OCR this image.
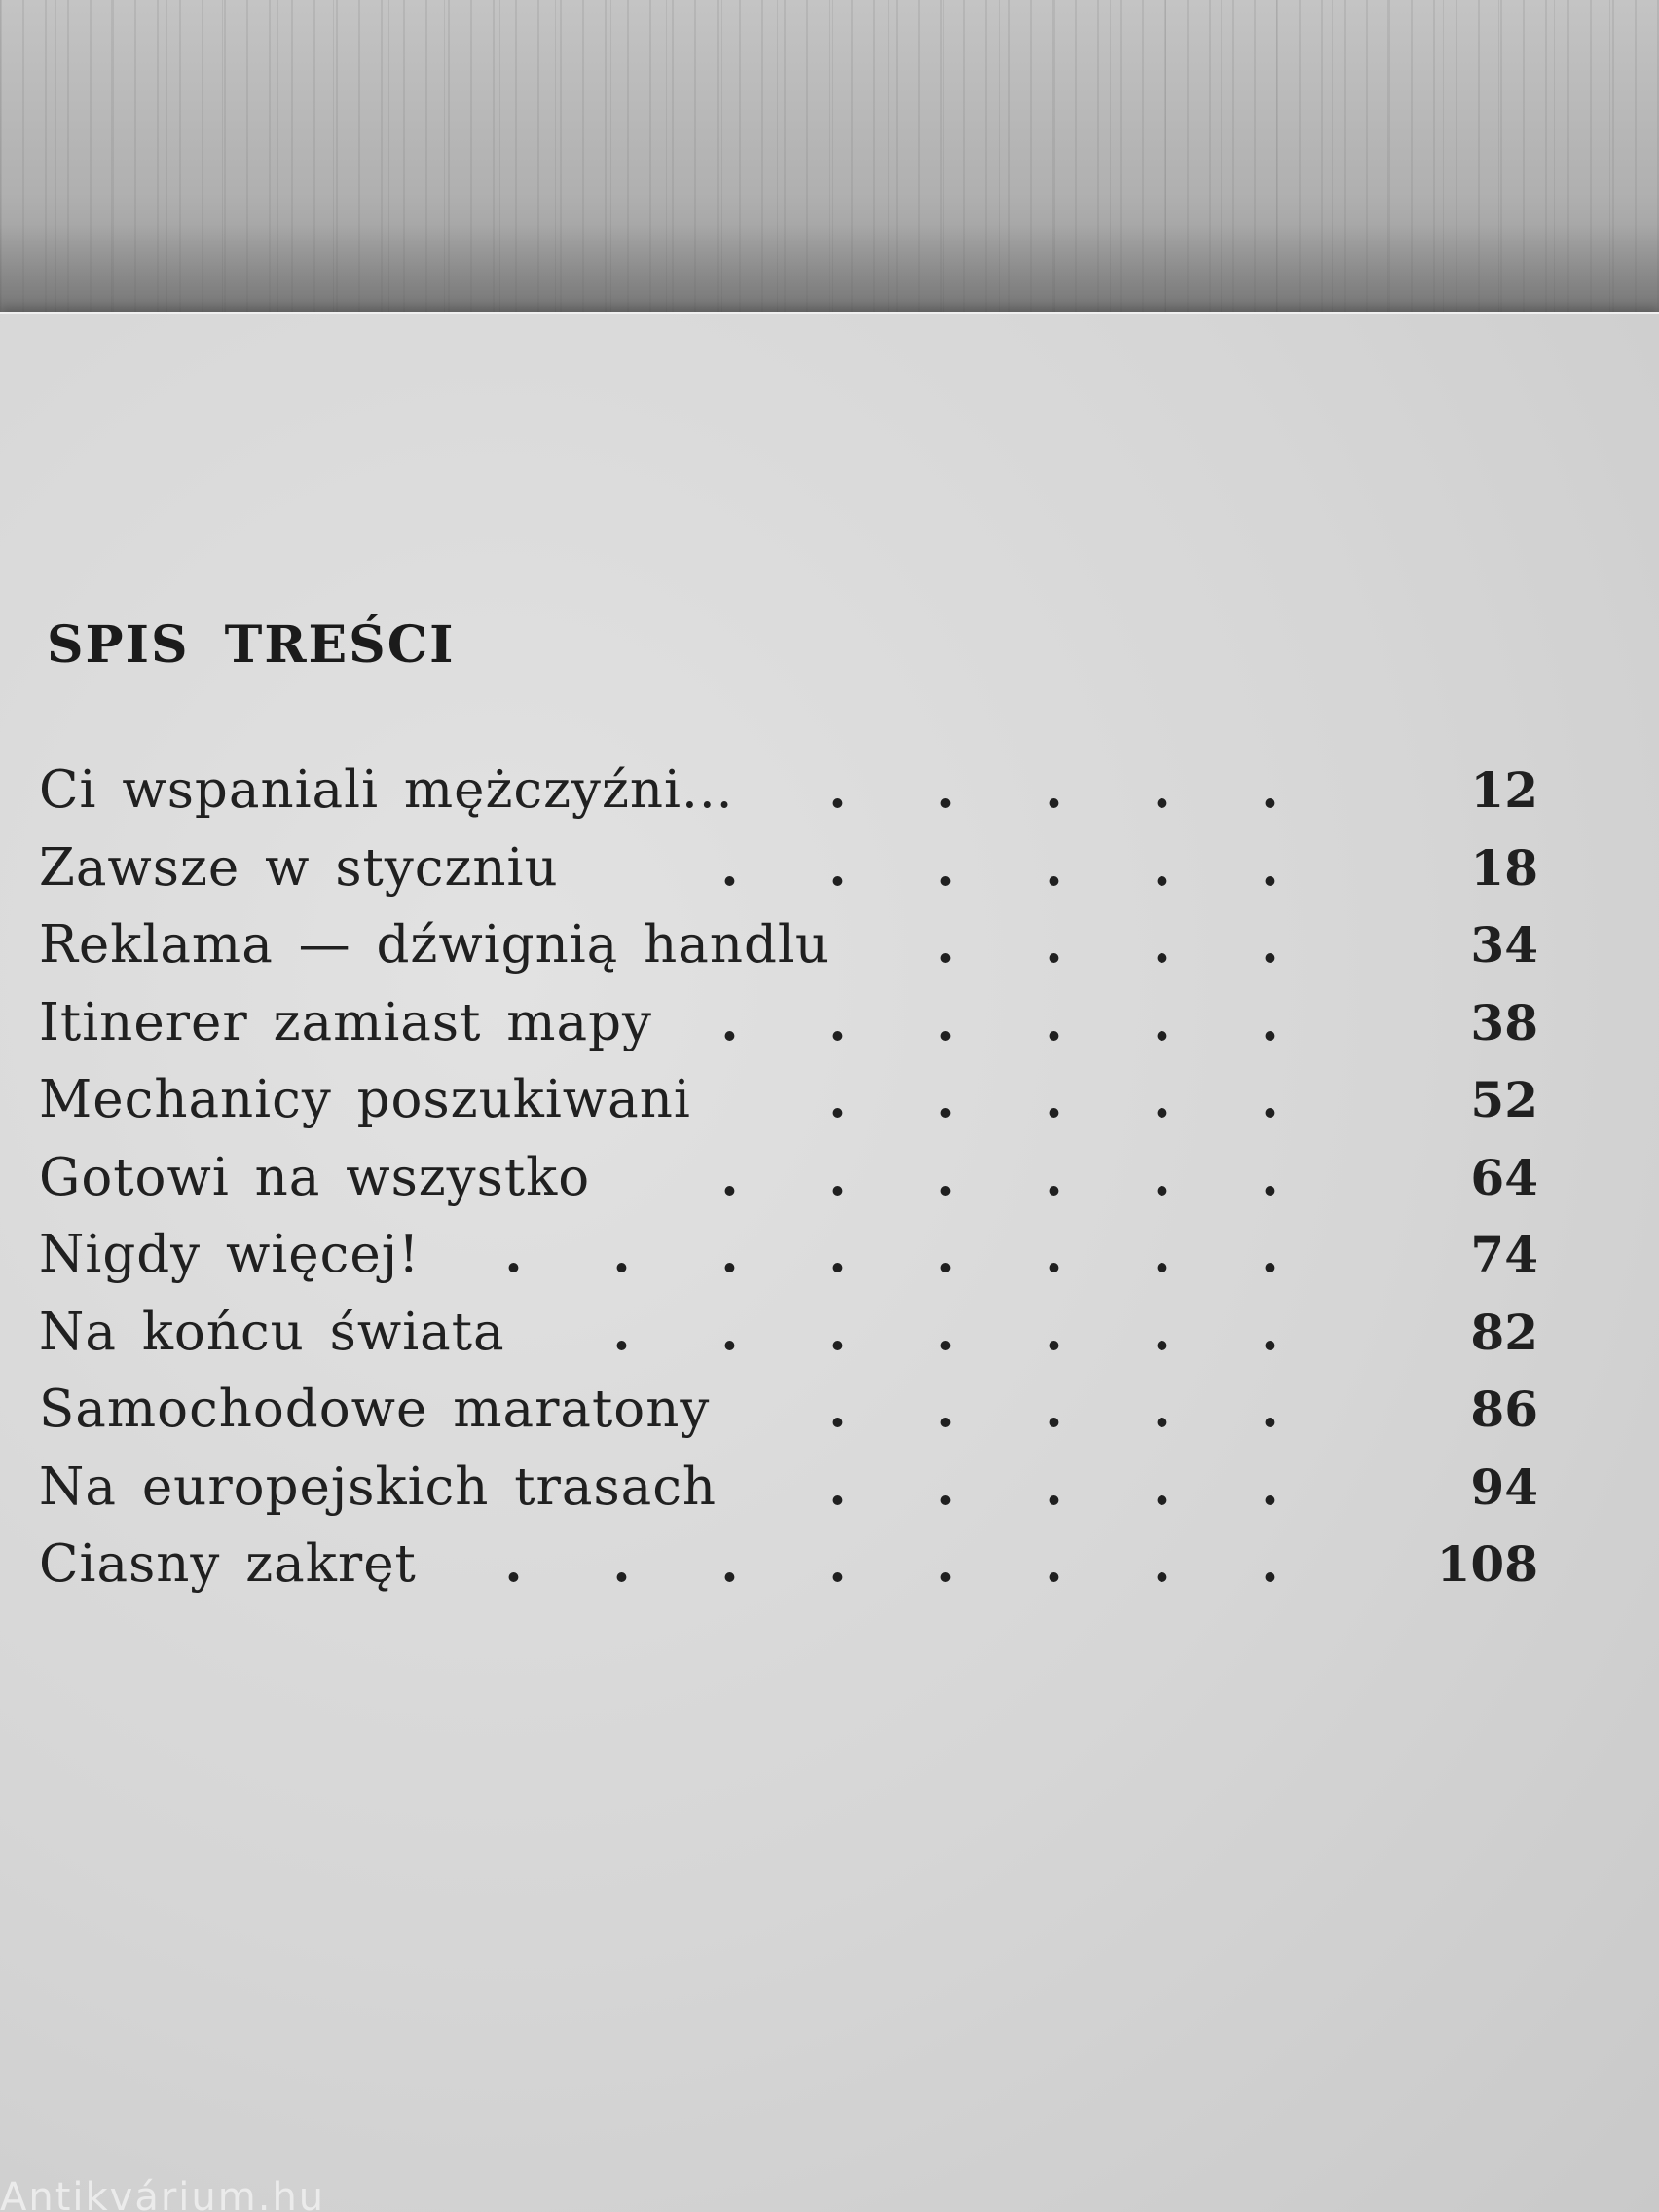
SPIS TREŚCI
Ci wspaniali mężczyźni...	. . . . .	12
Zawsze w styczniu	. . . . . .	18
Reklama — dźwignią handlu	. . . .	34
Itinerer zamiast mapy	. . . . . .	38
Mechanicy poszukiwani	. . . . .	52
Gotowi na wszystko	. . . . . .	64
Nigdy więcej!	. . . . . . . .	74
Na końcu świata	. . . . . . .	82
Samochodowe maratony	. . . . .	86
Na europejskich trasach	. . . . .	94
Ciasny zakręt	. . . . . . . .	108
Antikvárium.hu
